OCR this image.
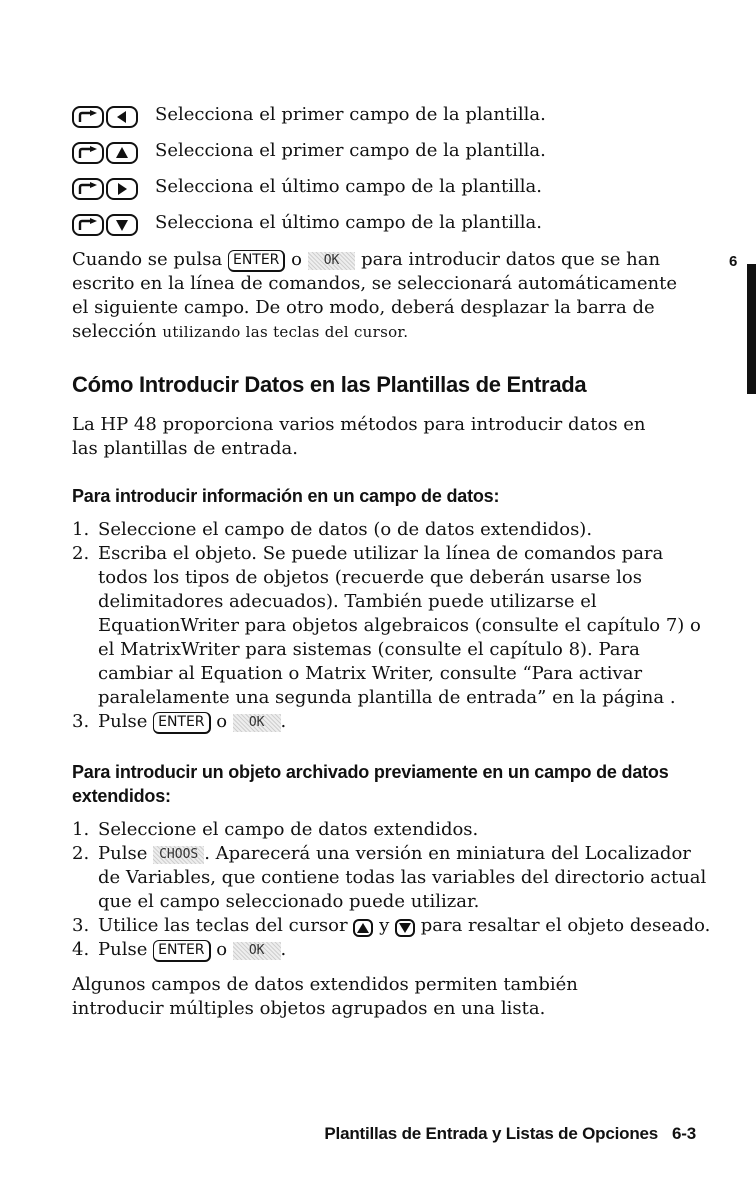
Selecciona el primer campo de la plantilla.
Selecciona el primer campo de la plantilla.
Selecciona el último campo de la plantilla.
Selecciona el último campo de la plantilla.

Cuando se pulsa ENTER o OK para introducir datos que se han escrito en la línea de comandos, se seleccionará automáticamente el siguiente campo. De otro modo, deberá desplazar la barra de selección utilizando las teclas del cursor.

Cómo Introducir Datos en las Plantillas de Entrada

La HP 48 proporciona varios métodos para introducir datos en las plantillas de entrada.

Para introducir información en un campo de datos:
1. Seleccione el campo de datos (o de datos extendidos).
2. Escriba el objeto. Se puede utilizar la línea de comandos para todos los tipos de objetos (recuerde que deberán usarse los delimitadores adecuados). También puede utilizarse el EquationWriter para objetos algebraicos (consulte el capítulo 7) o el MatrixWriter para sistemas (consulte el capítulo 8). Para cambiar al Equation o Matrix Writer, consulte “Para activar paralelamente una segunda plantilla de entrada” en la página .
3. Pulse ENTER o OK .
Para introducir un objeto archivado previamente en un campo de datos extendidos:
1. Seleccione el campo de datos extendidos.
2. Pulse CHOOS . Aparecerá una versión en miniatura del Localizador de Variables, que contiene todas las variables del directorio actual que el campo seleccionado puede utilizar.
3. Utilice las teclas del cursor y para resaltar el objeto deseado.
4. Pulse ENTER o OK .

Algunos campos de datos extendidos permiten también introducir múltiples objetos agrupados en una lista.

6
Plantillas de Entrada y Listas de Opciones 6-3
